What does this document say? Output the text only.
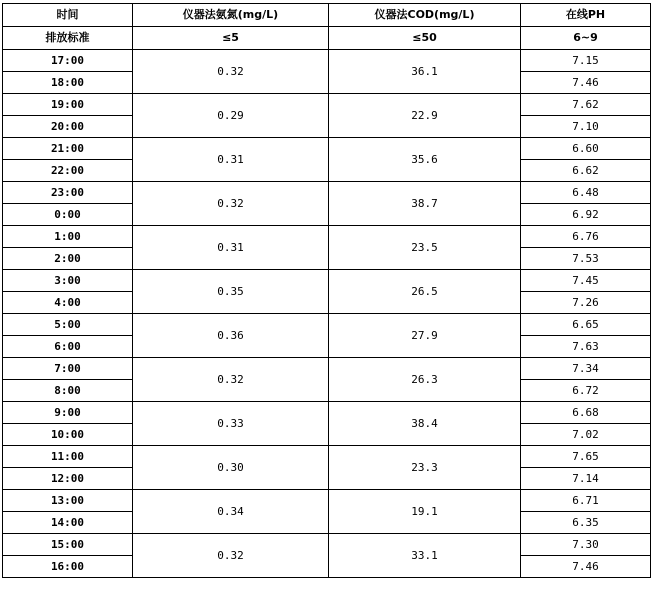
时间	仪器法氨氮(mg/L)	仪器法COD(mg/L)	在线PH
排放标准	≤5	≤50	6~9
17:00	0.32	36.1	7.15
18:00			7.46
19:00	0.29	22.9	7.62
20:00			7.10
21:00	0.31	35.6	6.60
22:00			6.62
23:00	0.32	38.7	6.48
0:00			6.92
1:00	0.31	23.5	6.76
2:00			7.53
3:00	0.35	26.5	7.45
4:00			7.26
5:00	0.36	27.9	6.65
6:00			7.63
7:00	0.32	26.3	7.34
8:00			6.72
9:00	0.33	38.4	6.68
10:00			7.02
11:00	0.30	23.3	7.65
12:00			7.14
13:00	0.34	19.1	6.71
14:00			6.35
15:00	0.32	33.1	7.30
16:00			7.46
